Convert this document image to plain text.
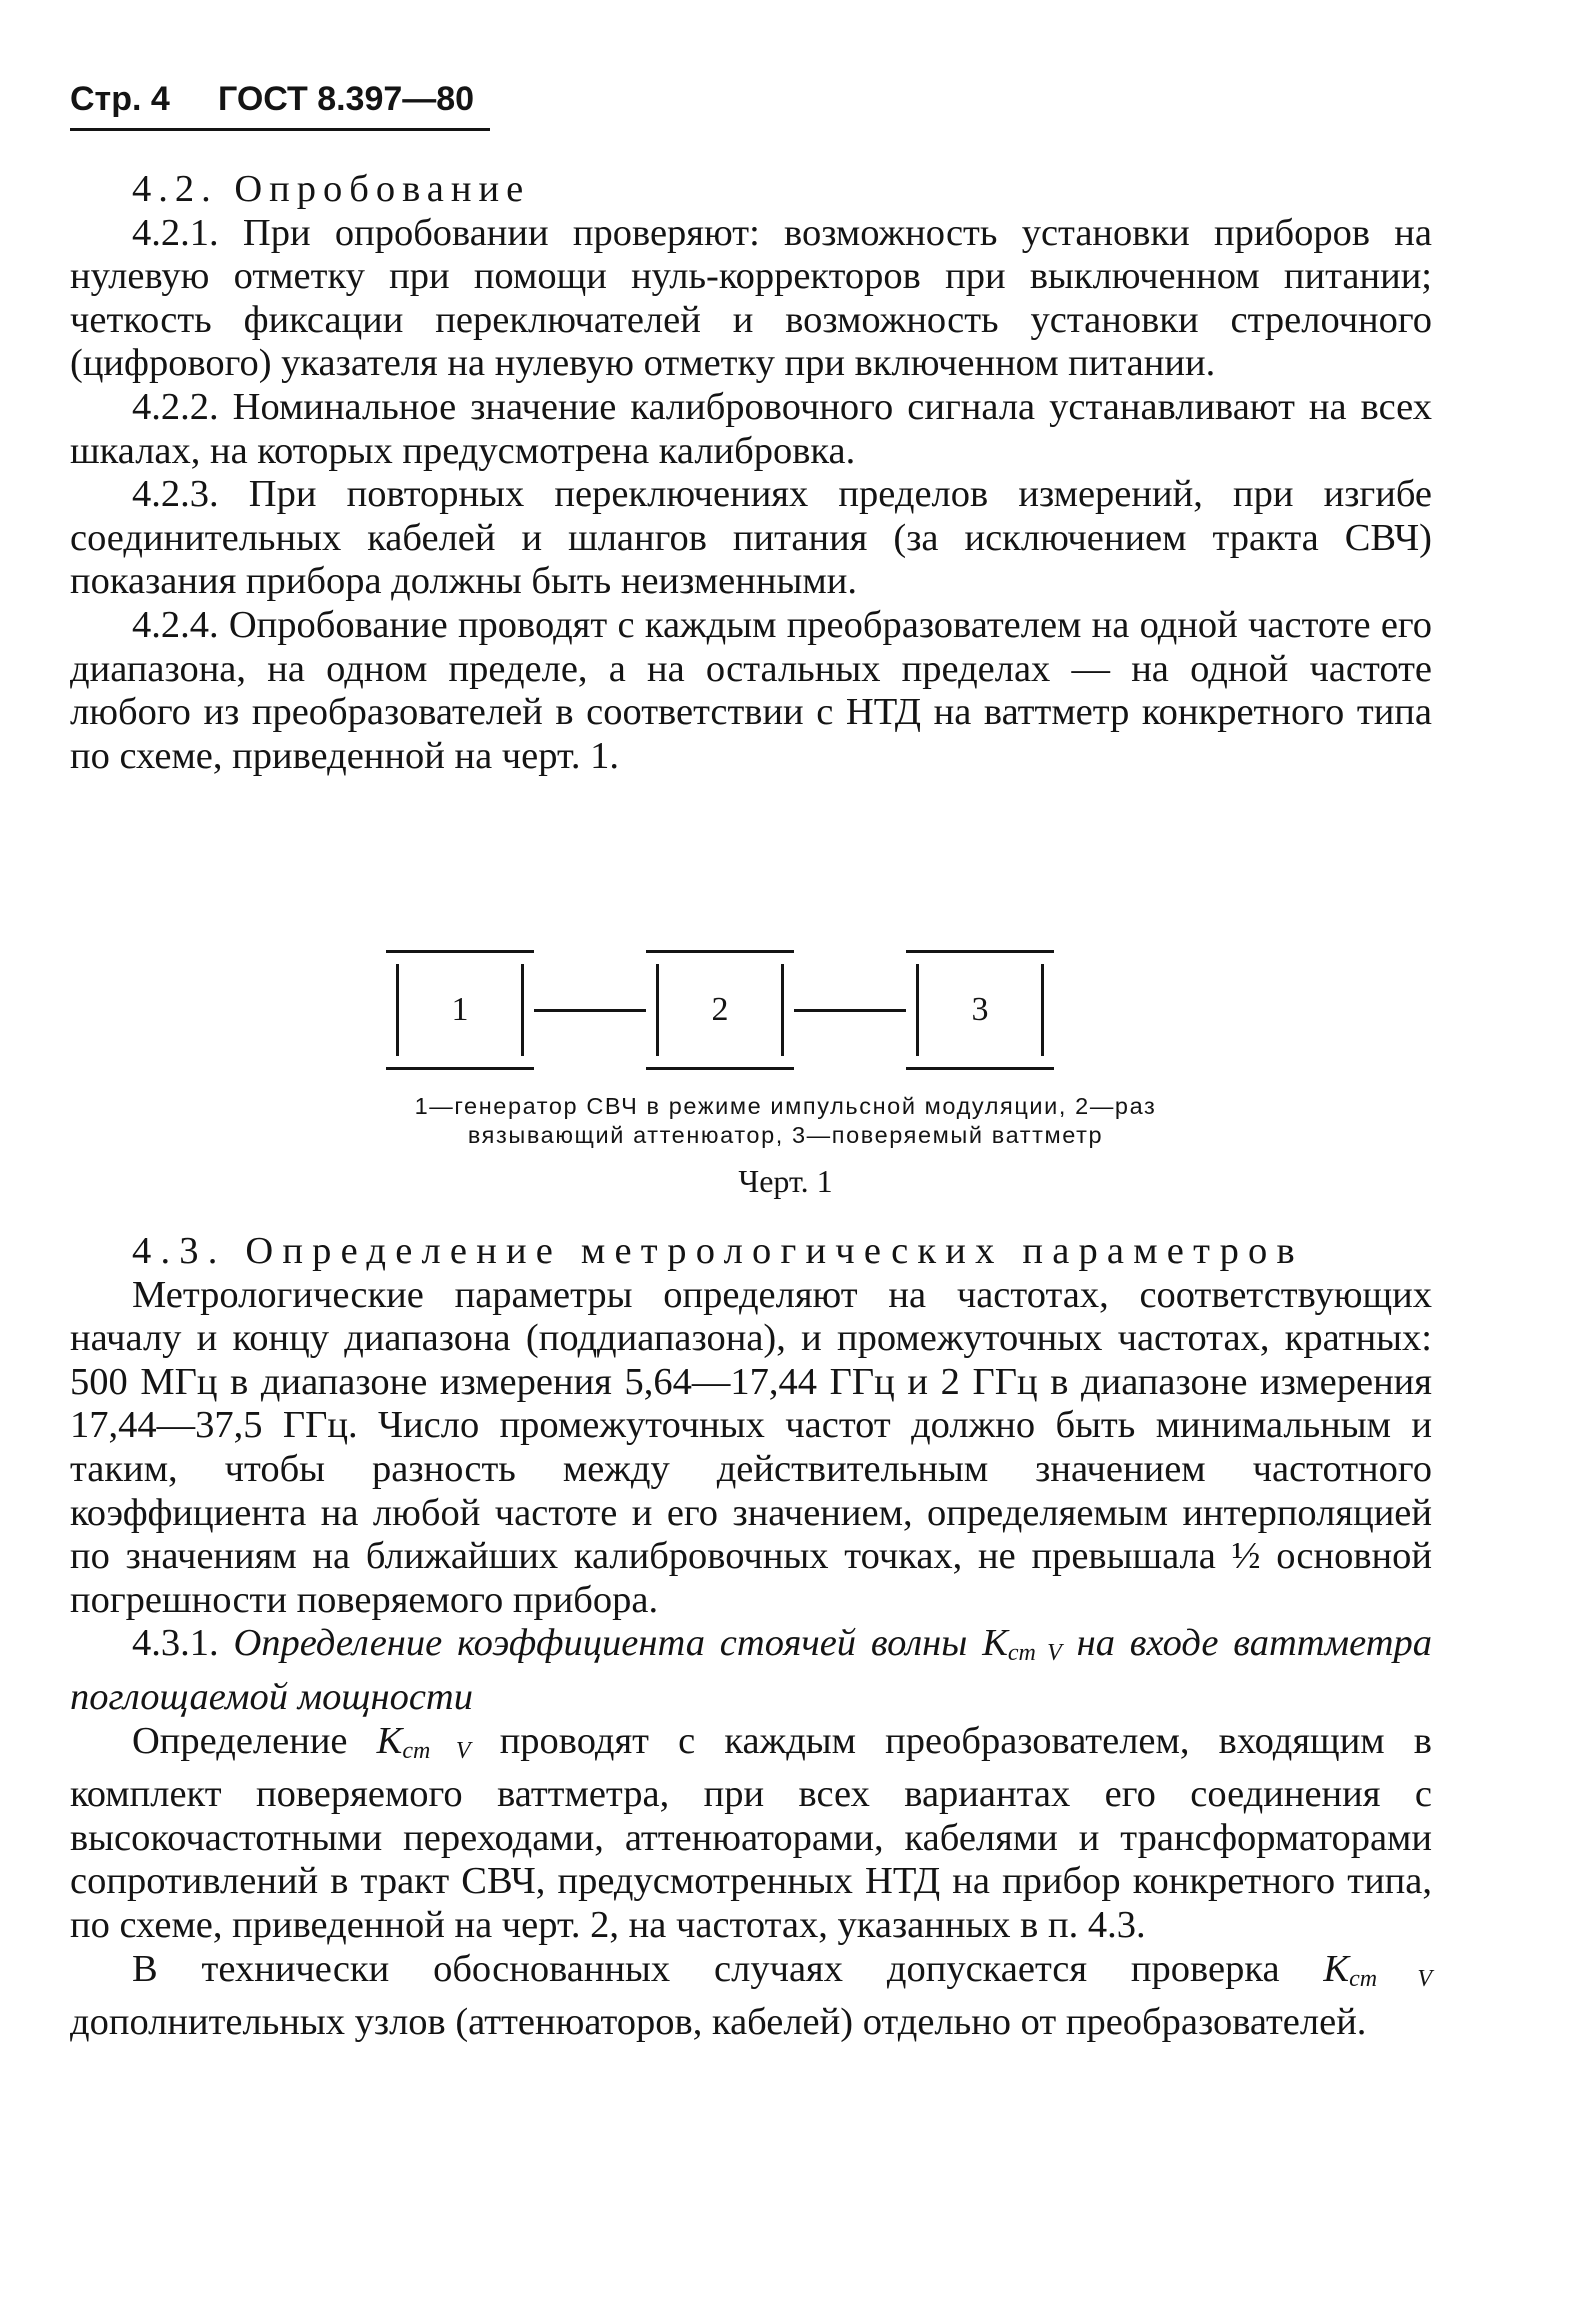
Стр. 4 ГОСТ 8.397—80

4.2. Опробование

4.2.1. При опробовании проверяют: возможность установки приборов на нулевую отметку при помощи нуль-корректоров при выключенном питании; четкость фиксации переключателей и возможность установки стрелочного (цифрового) указателя на нулевую отметку при включенном питании.

4.2.2. Номинальное значение калибровочного сигнала устанавливают на всех шкалах, на которых предусмотрена калибровка.

4.2.3. При повторных переключениях пределов измерений, при изгибе соединительных кабелей и шлангов питания (за исключением тракта СВЧ) показания прибора должны быть неизменными.

4.2.4. Опробование проводят с каждым преобразователем на одной частоте его диапазона, на одном пределе, а на остальных пределах — на одной частоте любого из преобразователей в соответствии с НТД на ваттметр конкретного типа по схеме, приведенной на черт. 1.

1	2	3
1—генератор СВЧ в режиме импульсной модуляции, 2—раз
вязывающий аттенюатор, 3—поверяемый ваттметр
Черт. 1

4.3. Определение метрологических параметров

Метрологические параметры определяют на частотах, соответствующих началу и концу диапазона (поддиапазона), и промежуточных частотах, кратных: 500 МГц в диапазоне измерения 5,64—17,44 ГГц и 2 ГГц в диапазоне измерения 17,44—37,5 ГГц. Число промежуточных частот должно быть минимальным и таким, чтобы разность между действительным значением частотного коэффициента на любой частоте и его значением, определяемым интерполяцией по значениям на ближайших калибровочных точках, не превышала ½ основной погрешности поверяемого прибора.

4.3.1. Определение коэффициента стоячей волны $K_{ст V}$ на входе ваттметра поглощаемой мощности

Определение $K_{ст V}$ проводят с каждым преобразователем, входящим в комплект поверяемого ваттметра, при всех вариантах его соединения с высокочастотными переходами, аттенюаторами, кабелями и трансформаторами сопротивлений в тракт СВЧ, предусмотренных НТД на прибор конкретного типа, по схеме, приведенной на черт. 2, на частотах, указанных в п. 4.3.

В технически обоснованных случаях допускается проверка $K_{ст V}$ дополнительных узлов (аттенюаторов, кабелей) отдельно от преобразователей.
